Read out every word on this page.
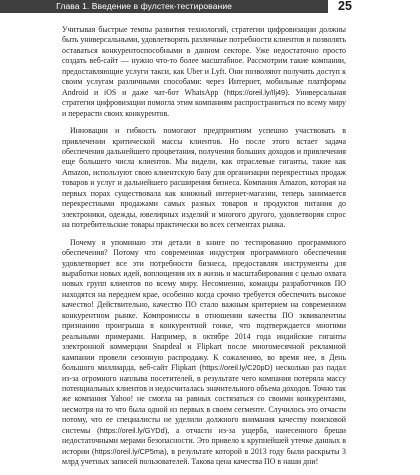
Глава 1. Введение в фулстек-тестирование	25

Учитывая быстрые темпы развития технологий, стратегии цифровизации должны быть универсальными, удовлетворять различные потребности клиентов и позволять оставаться конкурентоспособными в данном секторе. Уже недостаточно просто создать веб-сайт — нужно что-то более масштабное. Рассмотрим такие компании, предоставляющие услуги такси, как Uber и Lyft. Они позволяют получить доступ к своим услугам различными способами: через Интернет, мобильные платформы Android и iOS и даже чат-бот WhatsApp (https://oreil.ly/Ilj49). Универсальная стратегия цифровизации помогла этим компаниям распространиться по всему миру и перерасти своих конкурентов.

Инновации и гибкость помогают предприятиям успешно участвовать в привлечении критической массы клиентов. Но после этого встает задача обеспечения дальнейшего процветания, получения больших доходов и привлечения еще большего числа клиентов. Мы видели, как отраслевые гиганты, такие как Amazon, используют свою клиентскую базу для организации перекрестных продаж товаров и услуг и дальнейшего расширения бизнеса. Компания Amazon, которая на первых порах существовала как книжный интернет-магазин, теперь занимается перекрестными продажами самых разных товаров и продуктов питания до электроники, одежды, ювелирных изделий и многого другого, удовлетворяя спрос на потребительские товары практически во всех сегментах рынка.

Почему я упоминаю эти детали в книге по тестированию программного обеспечения? Потому что современная индустрия программного обеспечения удовлетворяет все эти потребности бизнеса, предоставляя инструменты для выработки новых идей, воплощения их в жизнь и масштабирования с целью охвата новых групп клиентов по всему миру. Несомненно, команды разработчиков ПО находятся на переднем крае, особенно когда срочно требуется обеспечить высокое качество! Действительно, качество ПО стало важным критерием на современном конкурентном рынке. Компромиссы в отношении качества ПО эквивалентны признанию проигрыша в конкурентной гонке, что подтверждается многими реальными примерами. Например, в октябре 2014 года индийские гиганты электронной коммерции Snapdeal и Flipkart после многомесячной рекламной кампании провели сезонную распродажу. К сожалению, во время нее, в День большого миллиарда, веб-сайт Flipkart (https://oreil.ly/C20pD) несколько раз падал из-за огромного наплыва посетителей, в результате чего компания потеряла массу потенциальных клиентов и недосчиталась значительного объема доходов. Точно так же компания Yahoo! не смогла на равных состязаться со своими конкурентами, несмотря на то что была одной из первых в своем сегменте. Случилось это отчасти потому, что ее специалисты не уделили должного внимания качеству поисковой системы (https://oreil.ly/GYDd), а отчасти из-за ущерба, нанесенного бреши недостаточными мерами безопасности. Это привело к крупнейшей утечке данных в истории (https://oreil.ly/CP5ma), в результате которой в 2013 году были раскрыты 3 млрд учетных записей пользователей. Такова цена качества ПО в наши дни!
